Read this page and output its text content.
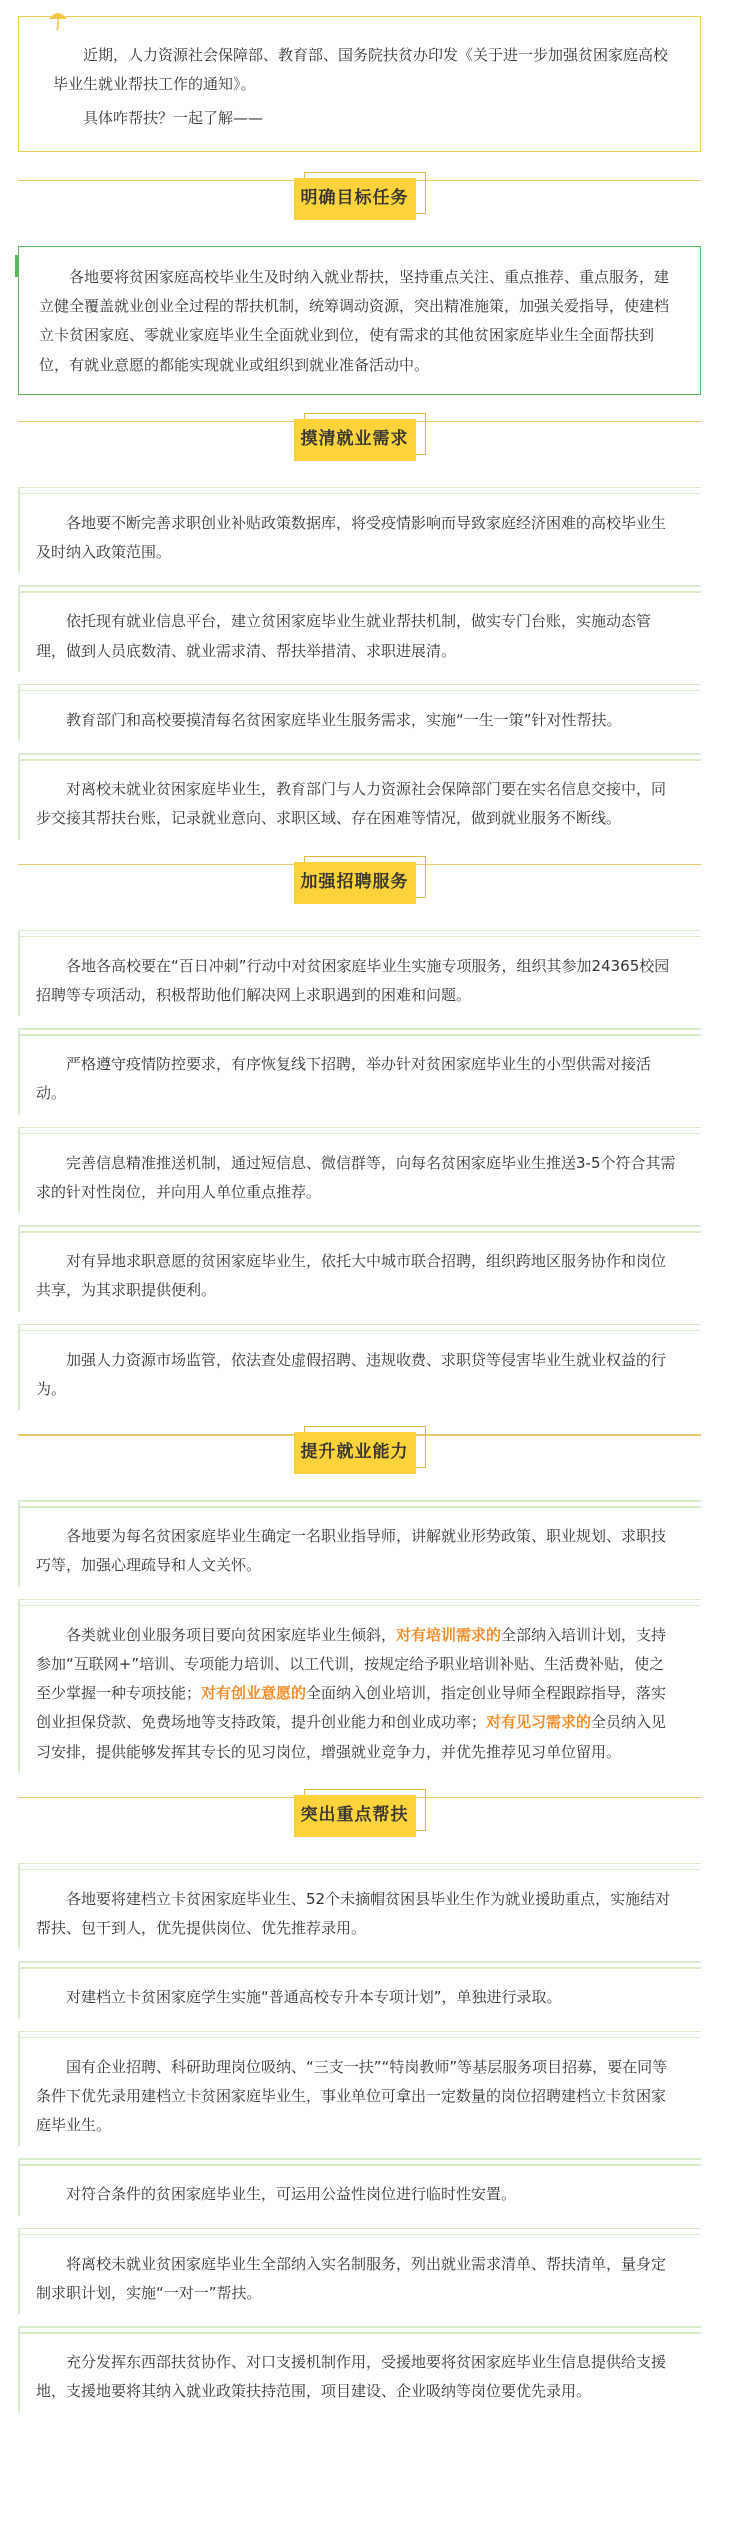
近期，人力资源社会保障部、教育部、国务院扶贫办印发《关于进一步加强贫困家庭高校毕业生就业帮扶工作的通知》。

具体咋帮扶？一起了解——

明确目标任务

各地要将贫困家庭高校毕业生及时纳入就业帮扶，坚持重点关注、重点推荐、重点服务，建立健全覆盖就业创业全过程的帮扶机制，统筹调动资源，突出精准施策，加强关爱指导，使建档立卡贫困家庭、零就业家庭毕业生全面就业到位，使有需求的其他贫困家庭毕业生全面帮扶到位，有就业意愿的都能实现就业或组织到就业准备活动中。

摸清就业需求

各地要不断完善求职创业补贴政策数据库，将受疫情影响而导致家庭经济困难的高校毕业生及时纳入政策范围。

依托现有就业信息平台，建立贫困家庭毕业生就业帮扶机制，做实专门台账，实施动态管理，做到人员底数清、就业需求清、帮扶举措清、求职进展清。

教育部门和高校要摸清每名贫困家庭毕业生服务需求，实施“一生一策”针对性帮扶。

对离校未就业贫困家庭毕业生，教育部门与人力资源社会保障部门要在实名信息交接中，同步交接其帮扶台账，记录就业意向、求职区域、存在困难等情况，做到就业服务不断线。

加强招聘服务

各地各高校要在“百日冲刺”行动中对贫困家庭毕业生实施专项服务，组织其参加24365校园招聘等专项活动，积极帮助他们解决网上求职遇到的困难和问题。

严格遵守疫情防控要求，有序恢复线下招聘，举办针对贫困家庭毕业生的小型供需对接活动。

完善信息精准推送机制，通过短信息、微信群等，向每名贫困家庭毕业生推送3-5个符合其需求的针对性岗位，并向用人单位重点推荐。

对有异地求职意愿的贫困家庭毕业生，依托大中城市联合招聘，组织跨地区服务协作和岗位共享，为其求职提供便利。

加强人力资源市场监管，依法查处虚假招聘、违规收费、求职贷等侵害毕业生就业权益的行为。

提升就业能力

各地要为每名贫困家庭毕业生确定一名职业指导师，讲解就业形势政策、职业规划、求职技巧等，加强心理疏导和人文关怀。

各类就业创业服务项目要向贫困家庭毕业生倾斜，对有培训需求的全部纳入培训计划，支持参加“互联网+”培训、专项能力培训、以工代训，按规定给予职业培训补贴、生活费补贴，使之至少掌握一种专项技能；对有创业意愿的全面纳入创业培训，指定创业导师全程跟踪指导，落实创业担保贷款、免费场地等支持政策，提升创业能力和创业成功率；对有见习需求的全员纳入见习安排，提供能够发挥其专长的见习岗位，增强就业竞争力，并优先推荐见习单位留用。

突出重点帮扶

各地要将建档立卡贫困家庭毕业生、52个未摘帽贫困县毕业生作为就业援助重点，实施结对帮扶、包干到人，优先提供岗位、优先推荐录用。

对建档立卡贫困家庭学生实施“普通高校专升本专项计划”，单独进行录取。

国有企业招聘、科研助理岗位吸纳、“三支一扶”“特岗教师”等基层服务项目招募，要在同等条件下优先录用建档立卡贫困家庭毕业生，事业单位可拿出一定数量的岗位招聘建档立卡贫困家庭毕业生。

对符合条件的贫困家庭毕业生，可运用公益性岗位进行临时性安置。

将离校未就业贫困家庭毕业生全部纳入实名制服务，列出就业需求清单、帮扶清单，量身定制求职计划，实施“一对一”帮扶。

充分发挥东西部扶贫协作、对口支援机制作用，受援地要将贫困家庭毕业生信息提供给支援地，支援地要将其纳入就业政策扶持范围，项目建设、企业吸纳等岗位要优先录用。
